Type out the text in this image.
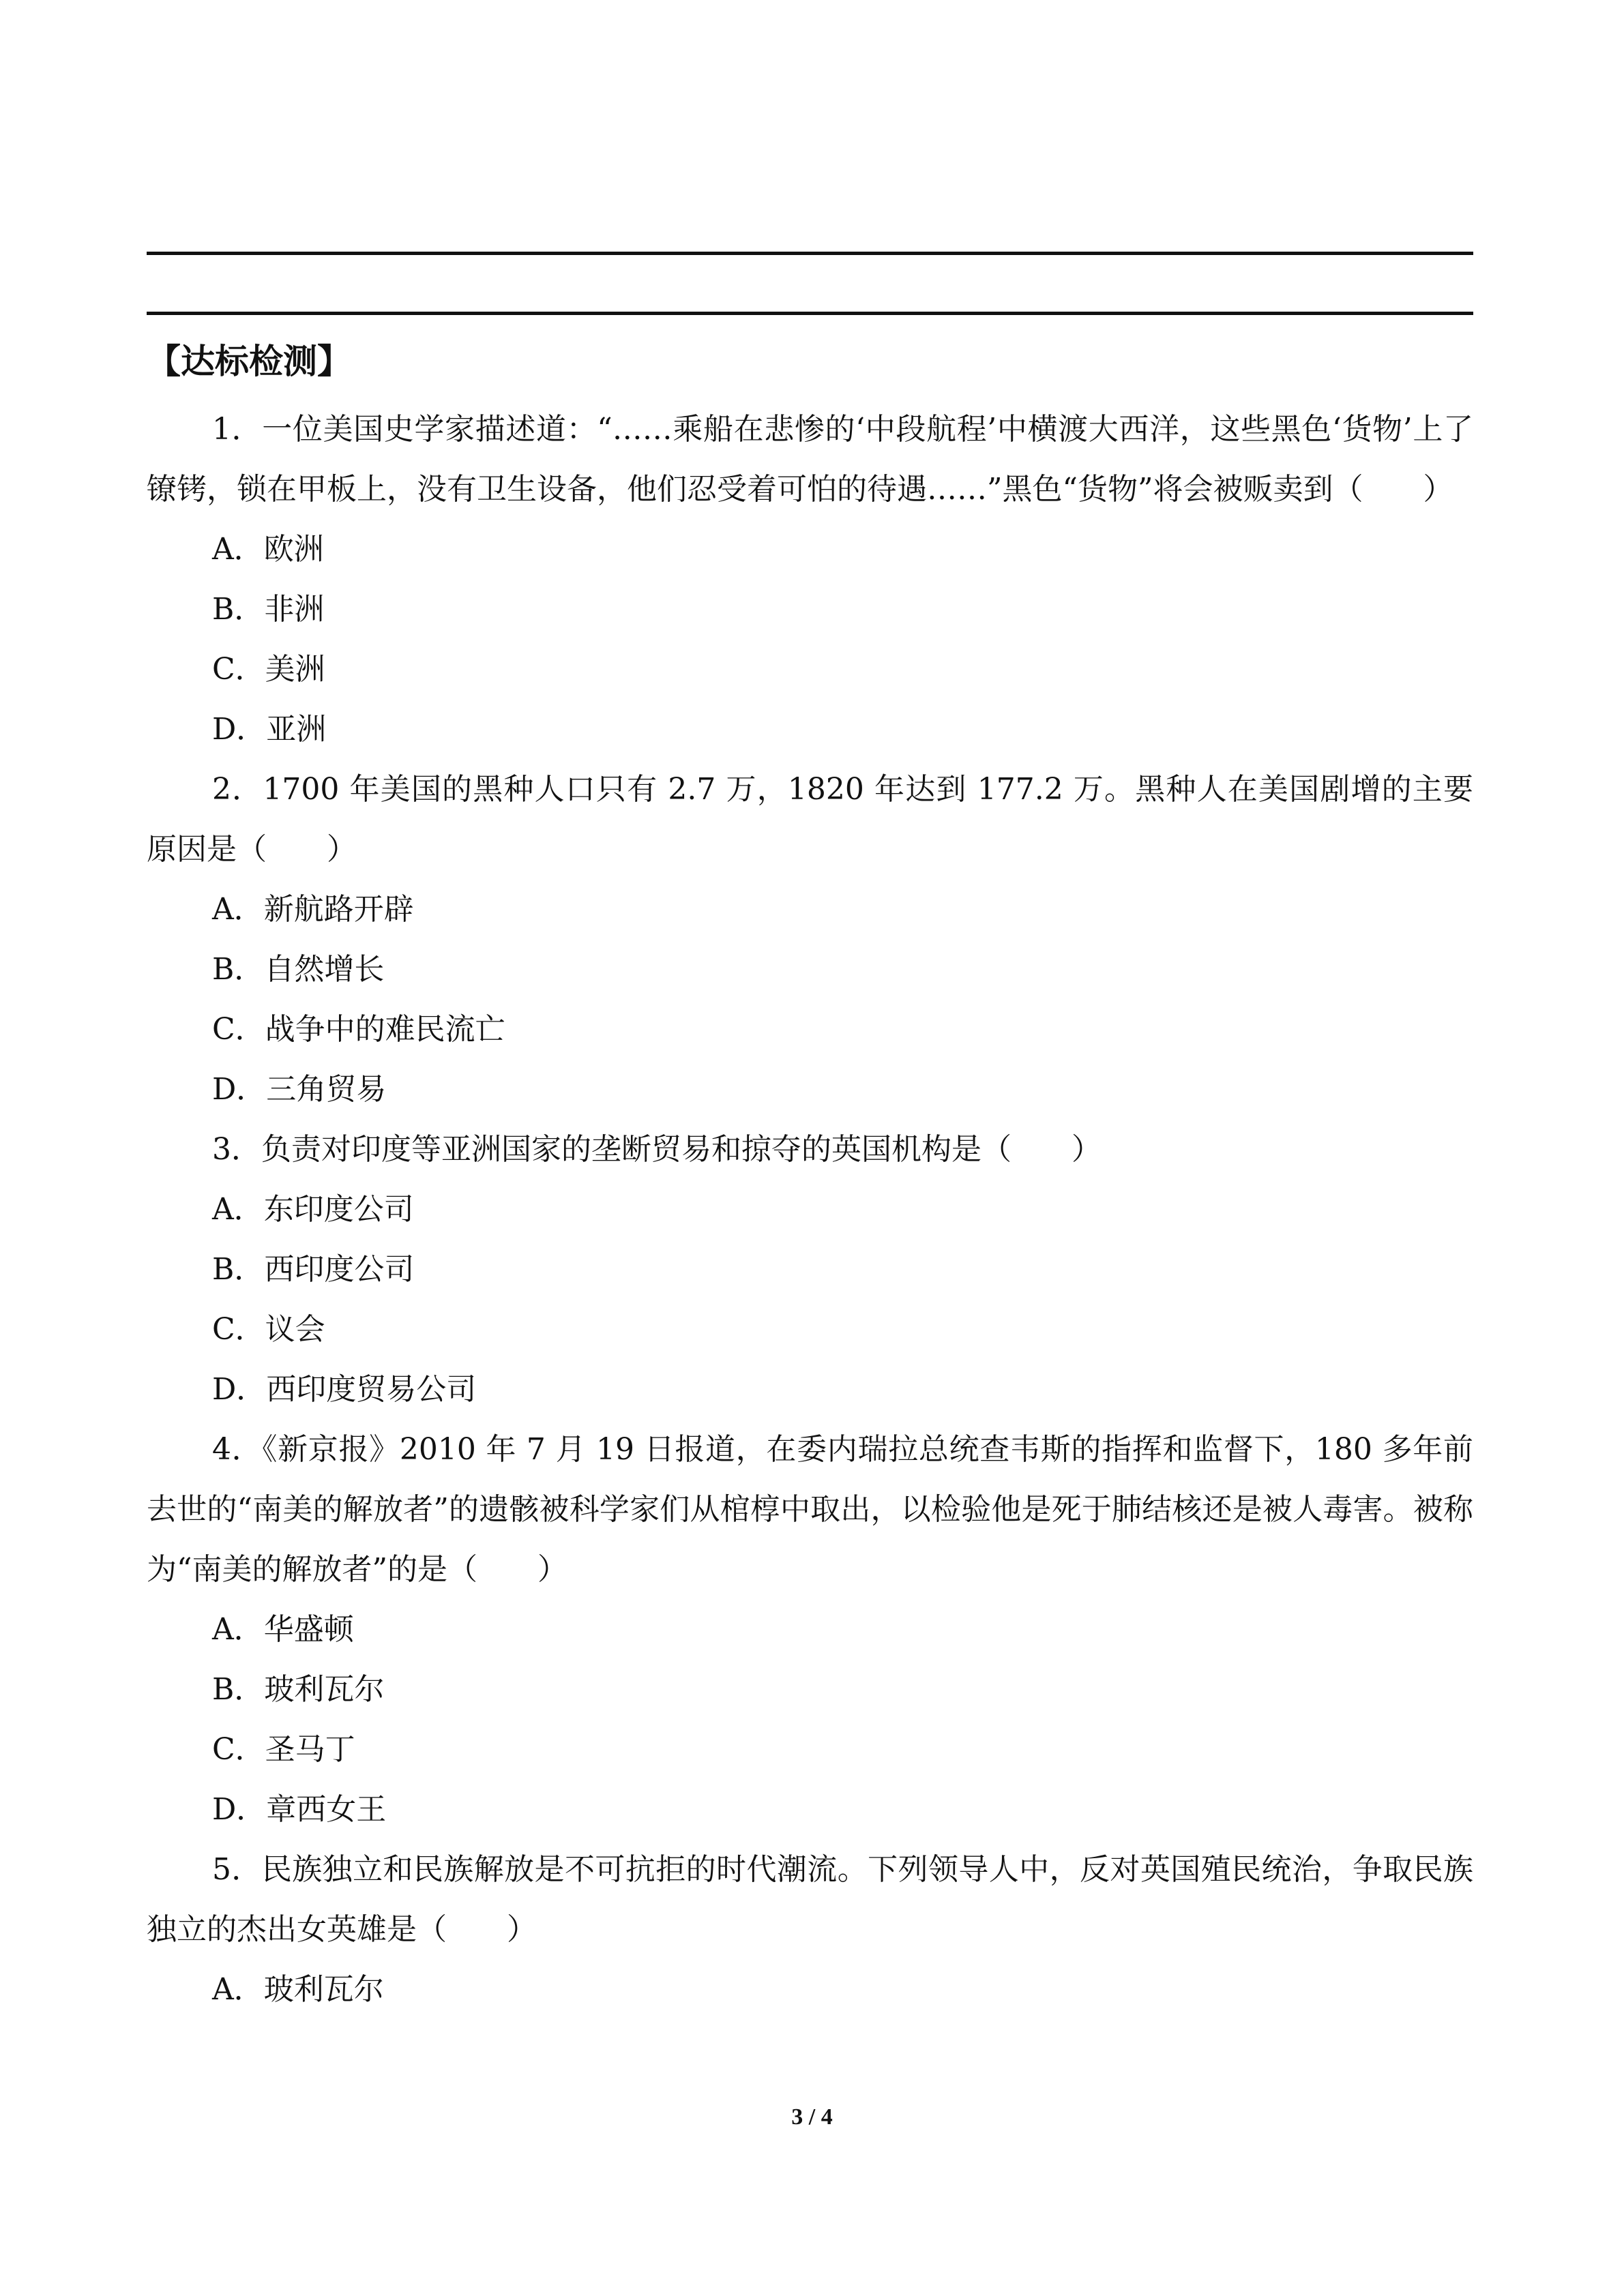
【达标检测】

1．一位美国史学家描述道：“……乘船在悲惨的‘中段航程’中横渡大西洋，这些黑色‘货物’上了镣铐，锁在甲板上，没有卫生设备，他们忍受着可怕的待遇……”黑色“货物”将会被贩卖到（　　）

A．欧洲

B．非洲

C．美洲

D．亚洲

2．1700 年美国的黑种人口只有 2.7 万，1820 年达到 177.2 万。黑种人在美国剧增的主要原因是（　　）

A．新航路开辟

B．自然增长

C．战争中的难民流亡

D．三角贸易

3．负责对印度等亚洲国家的垄断贸易和掠夺的英国机构是（　　）

A．东印度公司

B．西印度公司

C．议会

D．西印度贸易公司

4．《新京报》2010 年 7 月 19 日报道，在委内瑞拉总统查韦斯的指挥和监督下，180 多年前去世的“南美的解放者”的遗骸被科学家们从棺椁中取出，以检验他是死于肺结核还是被人毒害。被称为“南美的解放者”的是（　　）

A．华盛顿

B．玻利瓦尔

C．圣马丁

D．章西女王

5．民族独立和民族解放是不可抗拒的时代潮流。下列领导人中，反对英国殖民统治，争取民族独立的杰出女英雄是（　　）

A．玻利瓦尔

3 / 4
